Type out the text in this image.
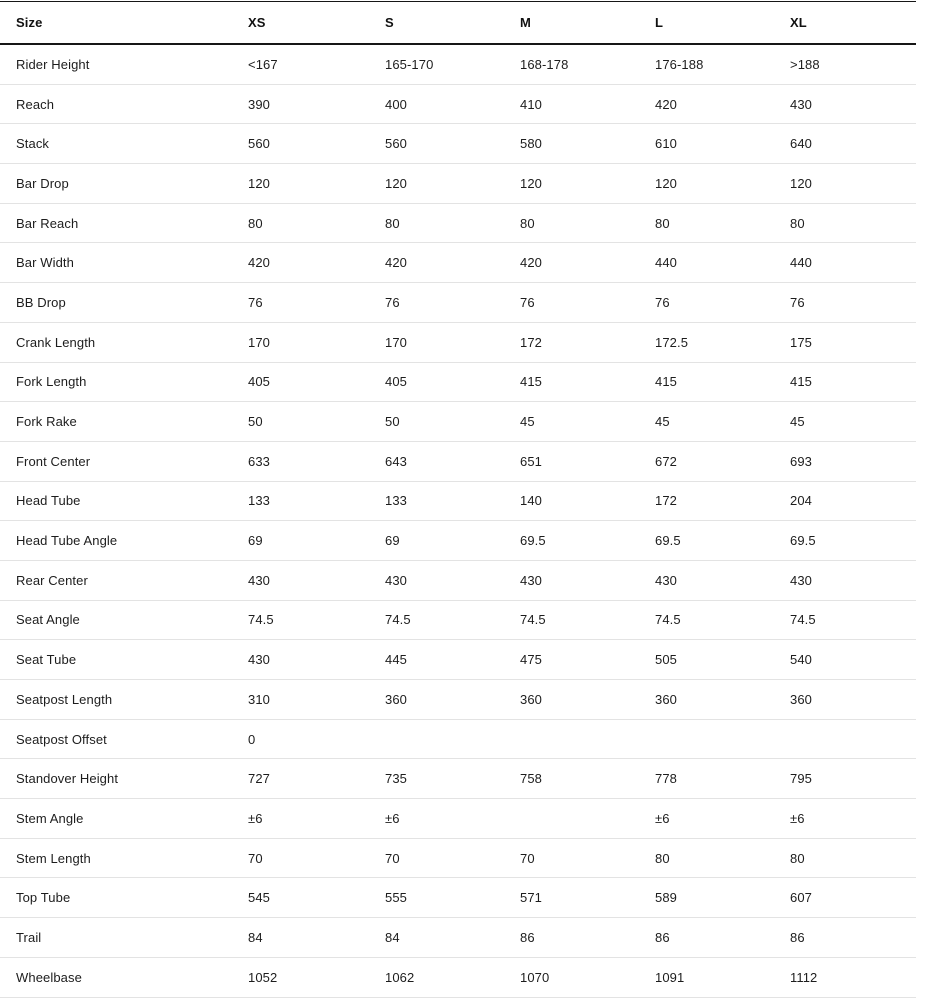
Size	XS	S	M	L	XL
Rider Height	<167	165-170	168-178	176-188	>188
Reach	390	400	410	420	430
Stack	560	560	580	610	640
Bar Drop	120	120	120	120	120
Bar Reach	80	80	80	80	80
Bar Width	420	420	420	440	440
BB Drop	76	76	76	76	76
Crank Length	170	170	172	172.5	175
Fork Length	405	405	415	415	415
Fork Rake	50	50	45	45	45
Front Center	633	643	651	672	693
Head Tube	133	133	140	172	204
Head Tube Angle	69	69	69.5	69.5	69.5
Rear Center	430	430	430	430	430
Seat Angle	74.5	74.5	74.5	74.5	74.5
Seat Tube	430	445	475	505	540
Seatpost Length	310	360	360	360	360
Seatpost Offset	0				
Standover Height	727	735	758	778	795
Stem Angle	±6	±6		±6	±6
Stem Length	70	70	70	80	80
Top Tube	545	555	571	589	607
Trail	84	84	86	86	86
Wheelbase	1052	1062	1070	1091	1112
